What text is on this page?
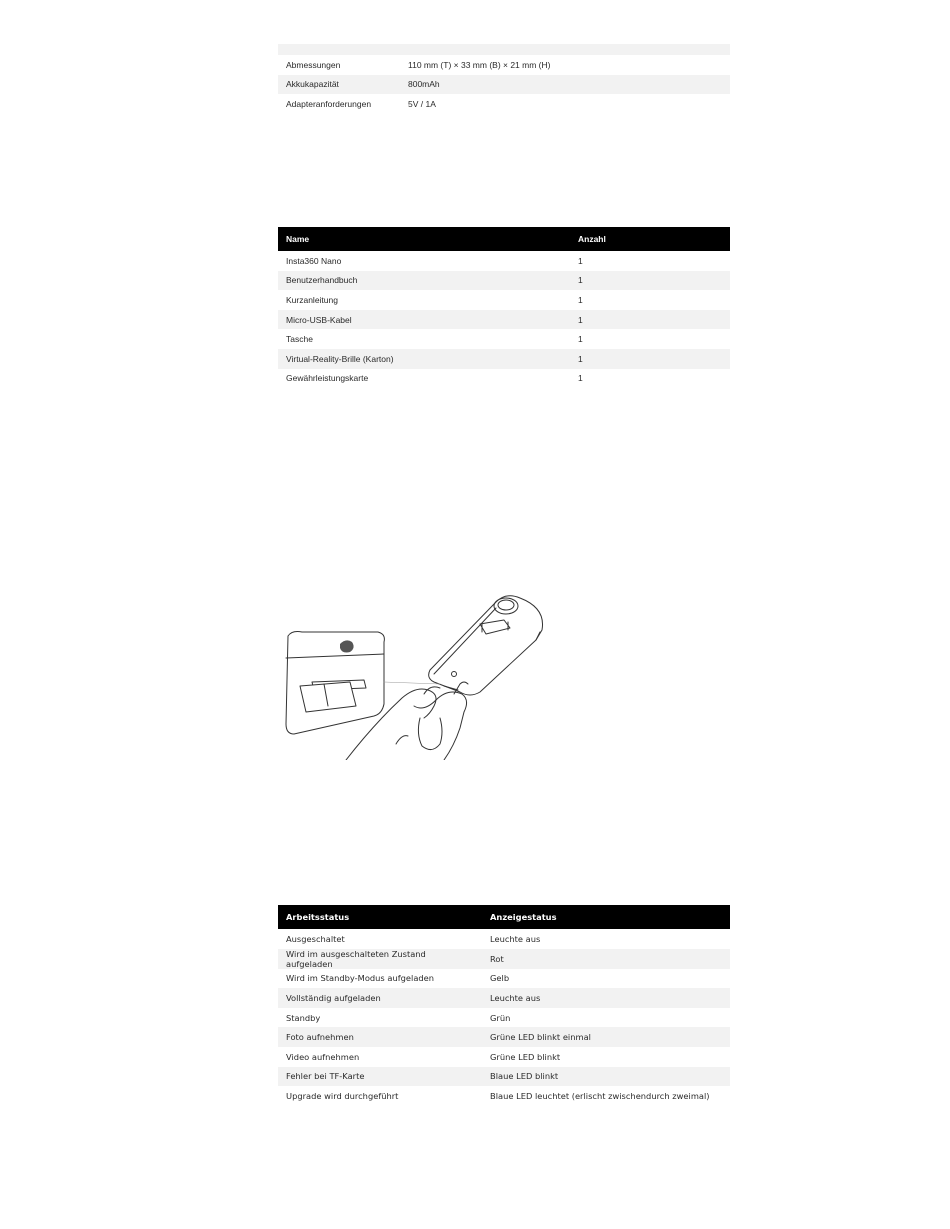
Abmessungen	110 mm (T) × 33 mm (B) × 21 mm (H)
Akkukapazität	800mAh
Adapteranforderungen	5V / 1A
Name	Anzahl
Insta360 Nano	1
Benutzerhandbuch	1
Kurzanleitung	1
Micro-USB-Kabel	1
Tasche	1
Virtual-Reality-Brille (Karton)	1
Gewährleistungskarte	1
Arbeitsstatus	Anzeigestatus
Ausgeschaltet	Leuchte aus
Wird im ausgeschalteten Zustand aufgeladen	Rot
Wird im Standby-Modus aufgeladen	Gelb
Vollständig aufgeladen	Leuchte aus
Standby	Grün
Foto aufnehmen	Grüne LED blinkt einmal
Video aufnehmen	Grüne LED blinkt
Fehler bei TF-Karte	Blaue LED blinkt
Upgrade wird durchgeführt	Blaue LED leuchtet (erlischt zwischendurch zweimal)
